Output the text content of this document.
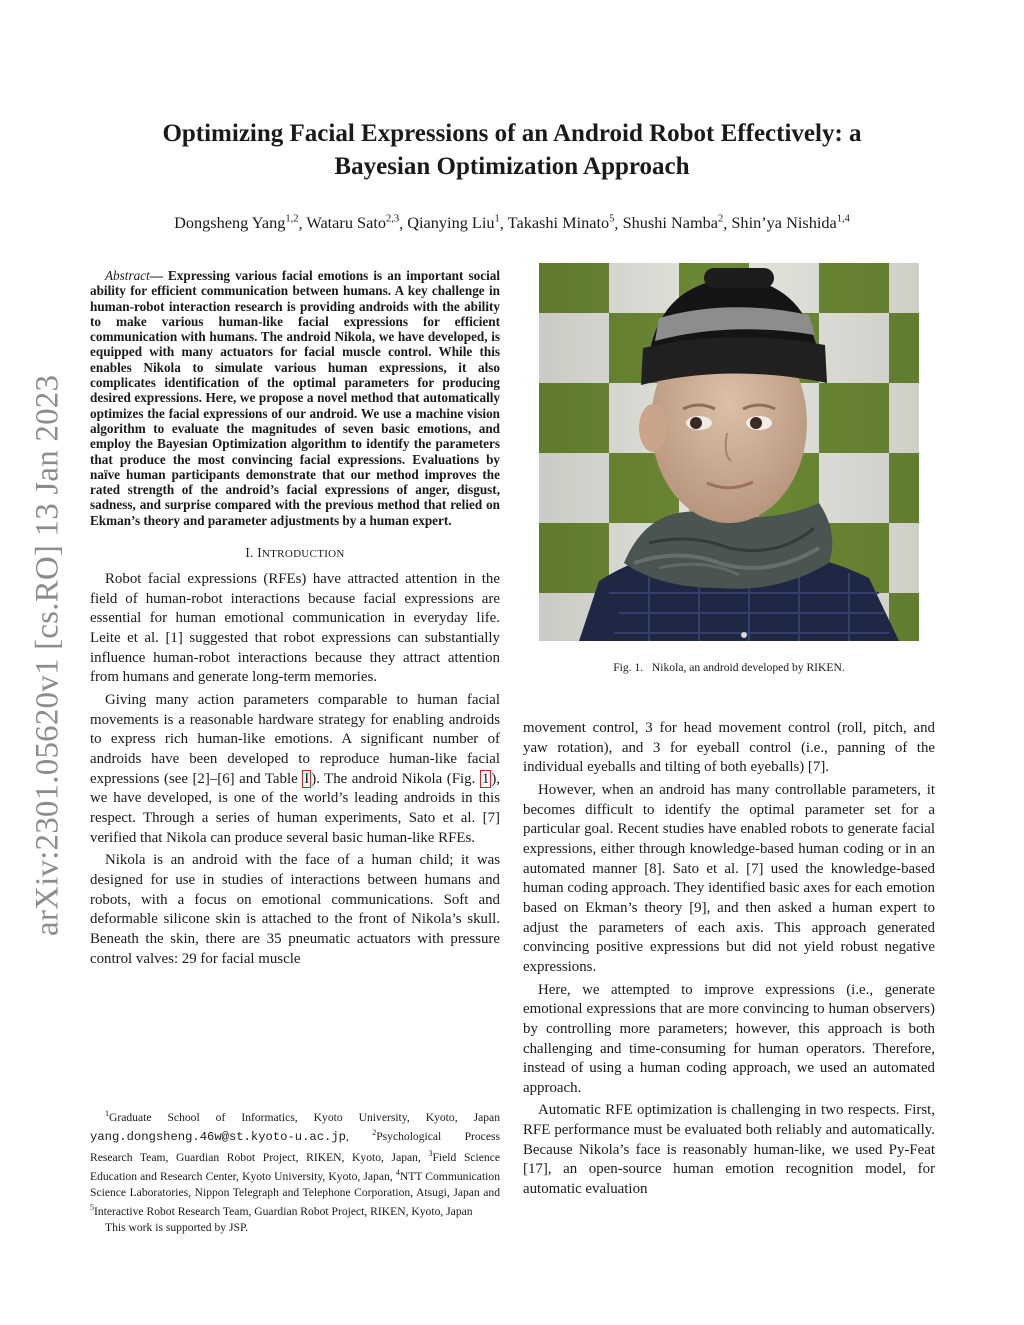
arXiv:2301.05620v1 [cs.RO] 13 Jan 2023
Optimizing Facial Expressions of an Android Robot Effectively: a
Bayesian Optimization Approach
Dongsheng Yang$^{1,2}$, Wataru Sato$^{2,3}$, Qianying Liu$^1$, Takashi Minato$^5$, Shushi Namba$^2$, Shin’ya Nishida$^{1,4}$

Abstract— Expressing various facial emotions is an important social ability for efficient communication between humans. A key challenge in human-robot interaction research is providing androids with the ability to make various human-like facial expressions for efficient communication with humans. The android Nikola, we have developed, is equipped with many actuators for facial muscle control. While this enables Nikola to simulate various human expressions, it also complicates identification of the optimal parameters for producing desired expressions. Here, we propose a novel method that automatically optimizes the facial expressions of our android. We use a machine vision algorithm to evaluate the magnitudes of seven basic emotions, and employ the Bayesian Optimization algorithm to identify the parameters that produce the most convincing facial expressions. Evaluations by naïve human participants demonstrate that our method improves the rated strength of the android’s facial expressions of anger, disgust, sadness, and surprise compared with the previous method that relied on Ekman’s theory and parameter adjustments by a human expert.

I. INTRODUCTION

Robot facial expressions (RFEs) have attracted attention in the field of human-robot interactions because facial expressions are essential for human emotional communication in everyday life. Leite et al. [1] suggested that robot expressions can substantially influence human-robot interactions because they attract attention from humans and generate long-term memories.

Giving many action parameters comparable to human facial movements is a reasonable hardware strategy for enabling androids to express rich human-like emotions. A significant number of androids have been developed to reproduce human-like facial expressions (see [2]–[6] and Table I ). The android Nikola (Fig. 1 ), we have developed, is one of the world’s leading androids in this respect. Through a series of human experiments, Sato et al. [7] verified that Nikola can produce several basic human-like RFEs.

Nikola is an android with the face of a human child; it was designed for use in studies of interactions between humans and robots, with a focus on emotional communications. Soft and deformable silicone skin is attached to the front of Nikola’s skull. Beneath the skin, there are 35 pneumatic actuators with pressure control valves: 29 for facial muscle

$^1$Graduate School of Informatics, Kyoto University, Kyoto, Japan yang.dongsheng.46w@st.kyoto-u.ac.jp, $^2$Psychological Process Research Team, Guardian Robot Project, RIKEN, Kyoto, Japan, $^3$Field Science Education and Research Center, Kyoto University, Kyoto, Japan, $^4$NTT Communication Science Laboratories, Nippon Telegraph and Telephone Corporation, Atsugi, Japan and $^5$Interactive Robot Research Team, Guardian Robot Project, RIKEN, Kyoto, Japan

This work is supported by JSP.

Fig. 1. Nikola, an android developed by RIKEN.

movement control, 3 for head movement control (roll, pitch, and yaw rotation), and 3 for eyeball control (i.e., panning of the individual eyeballs and tilting of both eyeballs) [7].

However, when an android has many controllable parameters, it becomes difficult to identify the optimal parameter set for a particular goal. Recent studies have enabled robots to generate facial expressions, either through knowledge-based human coding or in an automated manner [8]. Sato et al. [7] used the knowledge-based human coding approach. They identified basic axes for each emotion based on Ekman’s theory [9], and then asked a human expert to adjust the parameters of each axis. This approach generated convincing positive expressions but did not yield robust negative expressions.

Here, we attempted to improve expressions (i.e., generate emotional expressions that are more convincing to human observers) by controlling more parameters; however, this approach is both challenging and time-consuming for human operators. Therefore, instead of using a human coding approach, we used an automated approach.

Automatic RFE optimization is challenging in two respects. First, RFE performance must be evaluated both reliably and automatically. Because Nikola’s face is reasonably human-like, we used Py-Feat [17], an open-source human emotion recognition model, for automatic evaluation
